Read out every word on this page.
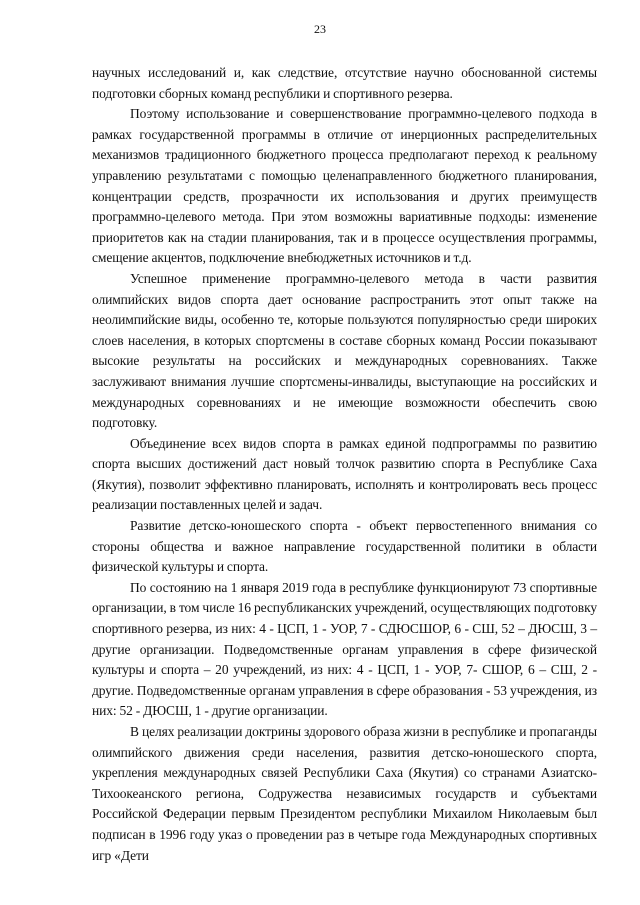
23

научных исследований и, как следствие, отсутствие научно обоснованной системы подготовки сборных команд республики и спортивного резерва.

Поэтому использование и совершенствование программно-целевого подхода в рамках государственной программы в отличие от инерционных распределительных механизмов традиционного бюджетного процесса предполагают переход к реальному управлению результатами с помощью целенаправленного бюджетного планирования, концентрации средств, прозрачности их использования и других преимуществ программно-целевого метода. При этом возможны вариативные подходы: изменение приоритетов как на стадии планирования, так и в процессе осуществления программы, смещение акцентов, подключение внебюджетных источников и т.д.

Успешное применение программно-целевого метода в части развития олимпийских видов спорта дает основание распространить этот опыт также на неолимпийские виды, особенно те, которые пользуются популярностью среди широких слоев населения, в которых спортсмены в составе сборных команд России показывают высокие результаты на российских и международных соревнованиях. Также заслуживают внимания лучшие спортсмены-инвалиды, выступающие на российских и международных соревнованиях и не имеющие возможности обеспечить свою подготовку.

Объединение всех видов спорта в рамках единой подпрограммы по развитию спорта высших достижений даст новый толчок развитию спорта в Республике Саха (Якутия), позволит эффективно планировать, исполнять и контролировать весь процесс реализации поставленных целей и задач.

Развитие детско-юношеского спорта - объект первостепенного внимания со стороны общества и важное направление государственной политики в области физической культуры и спорта.

По состоянию на 1 января 2019 года в республике функционируют 73 спортивные организации, в том числе 16 республиканских учреждений, осуществляющих подготовку спортивного резерва, из них: 4 - ЦСП, 1 - УОР, 7 - СДЮСШОР, 6 - СШ, 52 – ДЮСШ, 3 – другие организации. Подведомственные органам управления в сфере физической культуры и спорта – 20 учреждений, из них: 4 - ЦСП, 1 - УОР, 7- СШОР, 6 – СШ, 2 - другие. Подведомственные органам управления в сфере образования - 53 учреждения, из них: 52 - ДЮСШ, 1 - другие организации.

В целях реализации доктрины здорового образа жизни в республике и пропаганды олимпийского движения среди населения, развития детско-юношеского спорта, укрепления международных связей Республики Саха (Якутия) со странами Азиатско-Тихоокеанского региона, Содружества независимых государств и субъектами Российской Федерации первым Президентом республики Михаилом Николаевым был подписан в 1996 году указ о проведении раз в четыре года Международных спортивных игр «Дети
